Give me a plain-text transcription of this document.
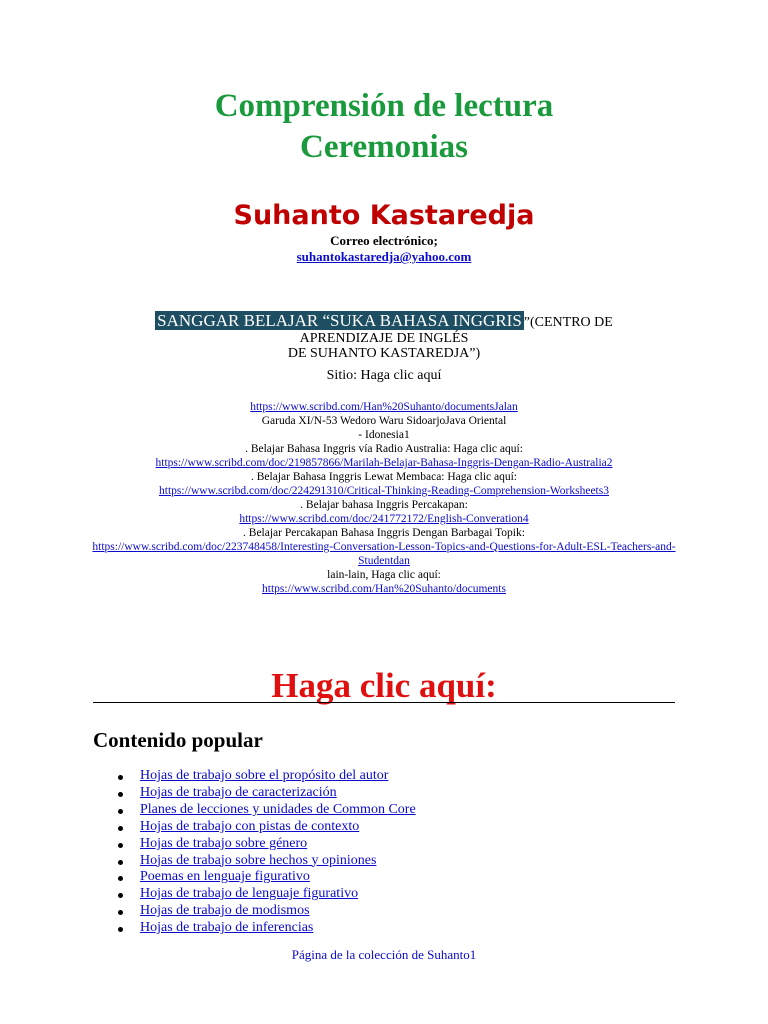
Comprensión de lectura
Ceremonias
Suhanto Kastaredja
Correo electrónico;
suhantokastaredja@yahoo.com
SANGGAR BELAJAR “SUKA BAHASA INGGRIS ”(CENTRO DE
APRENDIZAJE DE INGLÉS
DE SUHANTO KASTAREDJA”)
Sitio: Haga clic aquí
https://www.scribd.com/Han%20Suhanto/documentsJalan
Garuda XI/N-53 Wedoro Waru SidoarjoJava Oriental
- Idonesia1
. Belajar Bahasa Inggris vía Radio Australia: Haga clic aquí:
https://www.scribd.com/doc/219857866/Marilah-Belajar-Bahasa-Inggris-Dengan-Radio-Australia2
. Belajar Bahasa Inggris Lewat Membaca: Haga clic aquí:
https://www.scribd.com/doc/224291310/Critical-Thinking-Reading-Comprehension-Worksheets3
. Belajar bahasa Inggris Percakapan:
https://www.scribd.com/doc/241772172/English-Converation4
. Belajar Percakapan Bahasa Inggris Dengan Barbagai Topik:
https://www.scribd.com/doc/223748458/Interesting-Conversation-Lesson-Topics-and-Questions-for-Adult-ESL-Teachers-and-Studentdan
lain-lain, Haga clic aquí:
https://www.scribd.com/Han%20Suhanto/documents
Haga clic aquí:
Contenido popular
Hojas de trabajo sobre el propósito del autor
Hojas de trabajo de caracterización
Planes de lecciones y unidades de Common Core
Hojas de trabajo con pistas de contexto
Hojas de trabajo sobre género
Hojas de trabajo sobre hechos y opiniones
Poemas en lenguaje figurativo
Hojas de trabajo de lenguaje figurativo
Hojas de trabajo de modismos
Hojas de trabajo de inferencias
Página de la colección de Suhanto1
